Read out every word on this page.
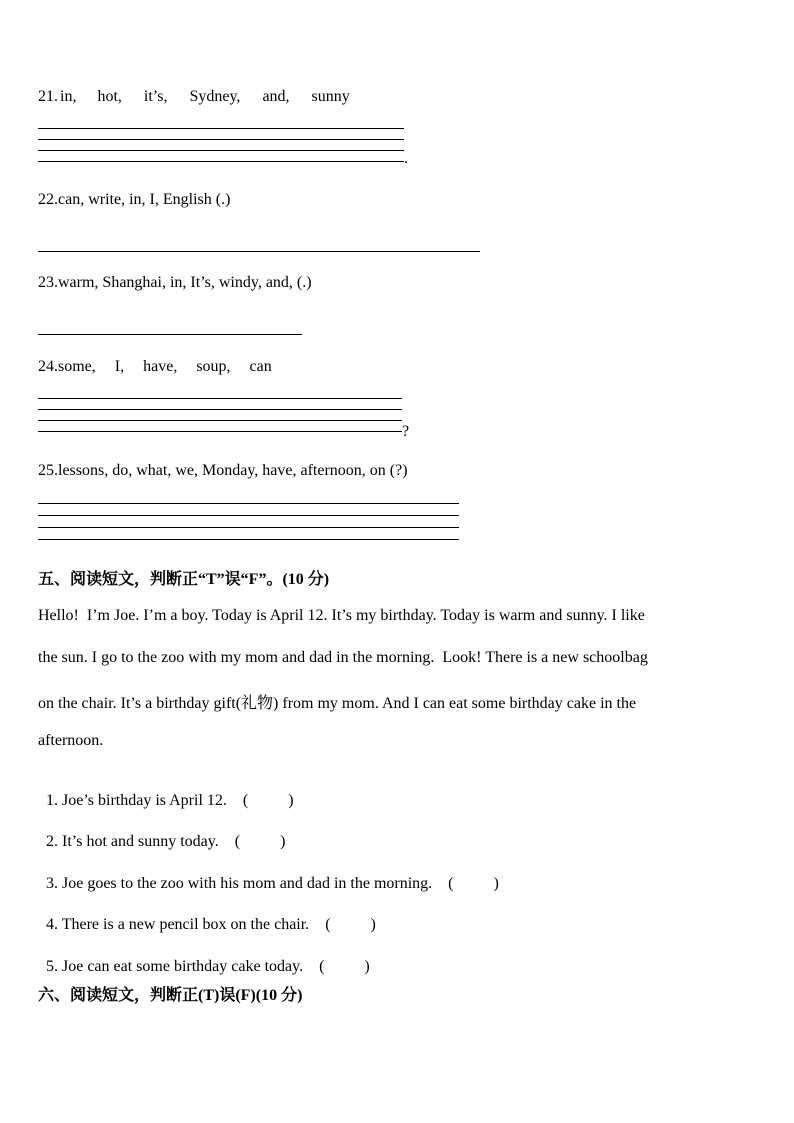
21. in, hot, it’s, Sydney, and, sunny
.
22.can, write, in, I, English (.)
23.warm, Shanghai, in, It’s, windy, and, (.)
24.some, I, have, soup, can
?
25.lessons, do, what, we, Monday, have, afternoon, on (?)
五、阅读短文，判断正“T”误“F”。(10 分)
Hello!  I’m Joe. I’m a boy. Today is April 12. It’s my birthday. Today is warm and sunny. I like
the sun. I go to the zoo with my mom and dad in the morning.  Look! There is a new schoolbag
on the chair. It’s a birthday gift(礼物) from my mom. And I can eat some birthday cake in the
afternoon.

1. Joe’s birthday is April 12. (          )

2. It’s hot and sunny today. (          )

3. Joe goes to the zoo with his mom and dad in the morning. (          )

4. There is a new pencil box on the chair. (          )

5. Joe can eat some birthday cake today. (          )

六、阅读短文，判断正(T)误(F)(10 分)
